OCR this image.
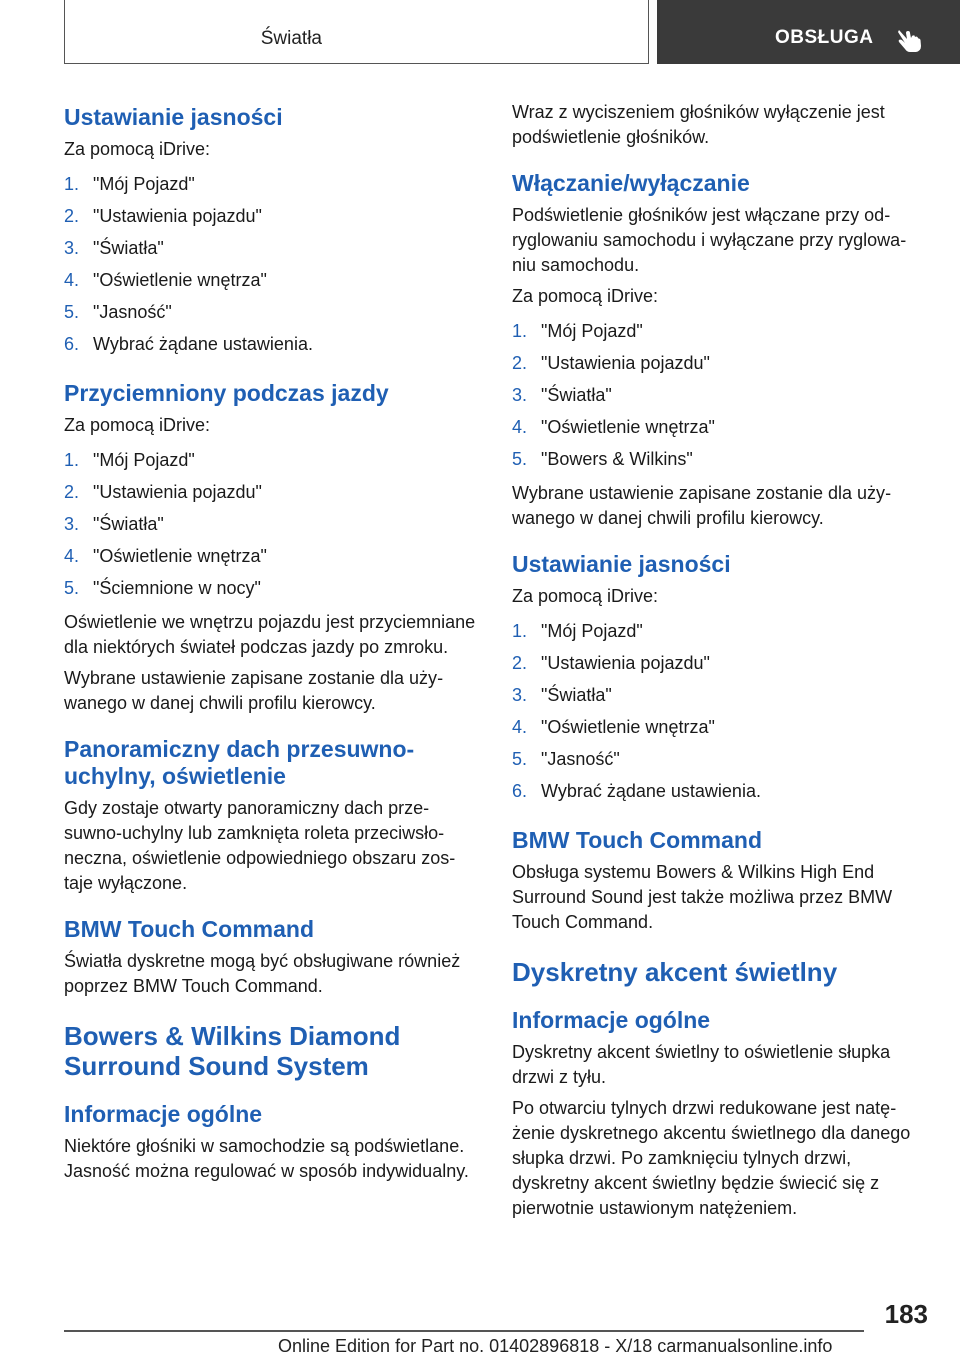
Światła	OBSŁUGA
Ustawianie jasności

Za pomocą iDrive:

1. "Mój Pojazd"
2. "Ustawienia pojazdu"
3. "Światła"
4. "Oświetlenie wnętrza"
5. "Jasność"
6. Wybrać żądane ustawienia.
Przyciemniony podczas jazdy

Za pomocą iDrive:

1. "Mój Pojazd"
2. "Ustawienia pojazdu"
3. "Światła"
4. "Oświetlenie wnętrza"
5. "Ściemnione w nocy"

Oświetlenie we wnętrzu pojazdu jest przyciemniane dla niektórych świateł podczas jazdy po zmroku.

Wybrane ustawienie zapisane zostanie dla używanego w danej chwili profilu kierowcy.

Panoramiczny dach przesuwno-uchylny, oświetlenie

Gdy zostaje otwarty panoramiczny dach przesuwno-uchylny lub zamknięta roleta przeciwsłoneczna, oświetlenie odpowiedniego obszaru zostaje wyłączone.

BMW Touch Command

Światła dyskretne mogą być obsługiwane również poprzez BMW Touch Command.

Bowers & Wilkins Diamond Surround Sound System
Informacje ogólne

Niektóre głośniki w samochodzie są podświetlane. Jasność można regulować w sposób indywidualny.

Wraz z wyciszeniem głośników wyłączenie jest podświetlenie głośników.

Włączanie/wyłączanie

Podświetlenie głośników jest włączane przy odryglowaniu samochodu i wyłączane przy ryglowaniu samochodu.

Za pomocą iDrive:

1. "Mój Pojazd"
2. "Ustawienia pojazdu"
3. "Światła"
4. "Oświetlenie wnętrza"
5. "Bowers & Wilkins"

Wybrane ustawienie zapisane zostanie dla używanego w danej chwili profilu kierowcy.

Ustawianie jasności

Za pomocą iDrive:

1. "Mój Pojazd"
2. "Ustawienia pojazdu"
3. "Światła"
4. "Oświetlenie wnętrza"
5. "Jasność"
6. Wybrać żądane ustawienia.
BMW Touch Command

Obsługa systemu Bowers & Wilkins High End Surround Sound jest także możliwa przez BMW Touch Command.

Dyskretny akcent świetlny
Informacje ogólne

Dyskretny akcent świetlny to oświetlenie słupka drzwi z tyłu.

Po otwarciu tylnych drzwi redukowane jest natężenie dyskretnego akcentu świetlnego dla danego słupka drzwi. Po zamknięciu tylnych drzwi, dyskretny akcent świetlny będzie świecić się z pierwotnie ustawionym natężeniem.

183
Online Edition for Part no. 01402896818 - X/18 carmanualsonline.info
